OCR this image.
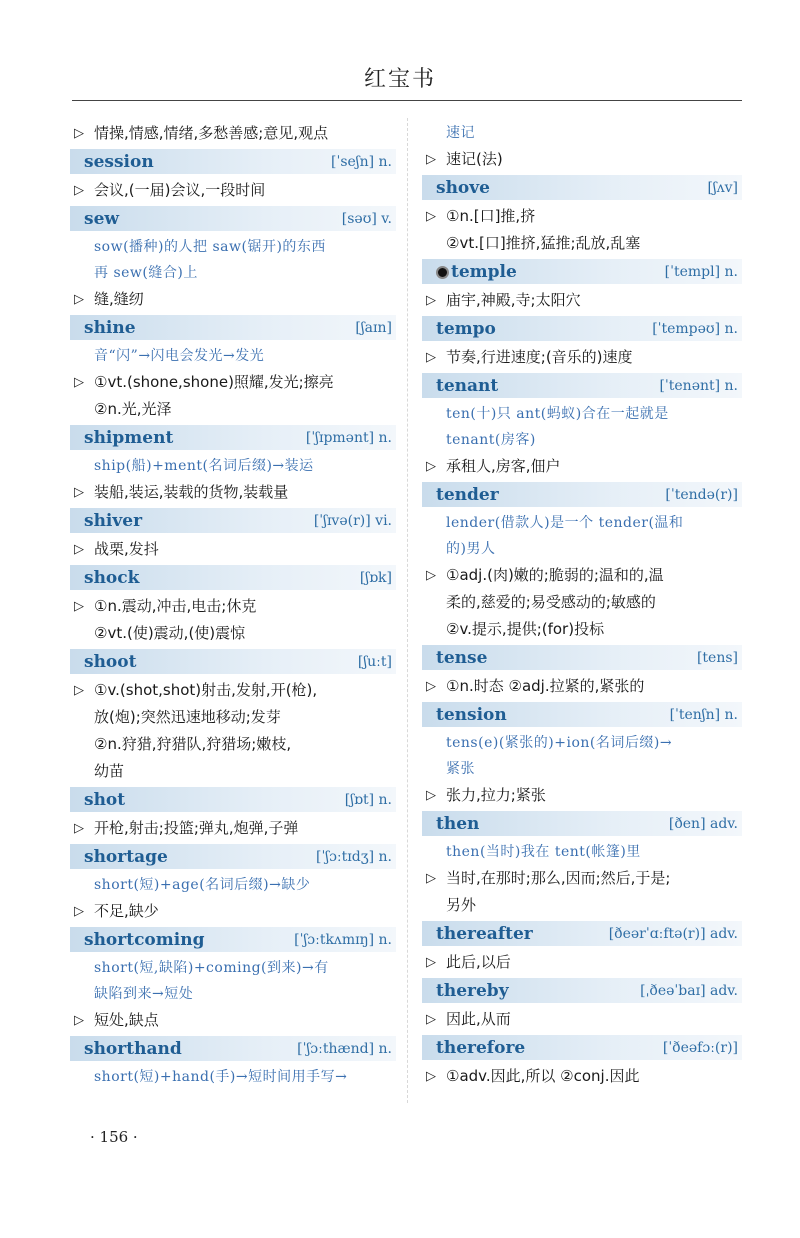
红宝书
▷ 情操,情感,情绪,多愁善感;意见,观点
session	[ˈseʃn] n.
▷ 会议,(一届)会议,一段时间
sew	[səʊ] v.
sow(播种)的人把 saw(锯开)的东西
再 sew(缝合)上
▷ 缝,缝纫
shine	[ʃaɪn]
音“闪”→闪电会发光→发光
▷ ①vt.(shone,shone)照耀,发光;擦亮
②n.光,光泽
shipment	[ˈʃɪpmənt] n.
ship(船)+ment(名词后缀)→装运
▷ 装船,装运,装载的货物,装载量
shiver	[ˈʃɪvə(r)] vi.
▷ 战栗,发抖
shock	[ʃɒk]
▷ ①n.震动,冲击,电击;休克
②vt.(使)震动,(使)震惊
shoot	[ʃuːt]
▷ ①v.(shot,shot)射击,发射,开(枪),
放(炮);突然迅速地移动;发芽
②n.狩猎,狩猎队,狩猎场;嫩枝,
幼苗
shot	[ʃɒt] n.
▷ 开枪,射击;投篮;弹丸,炮弹,子弹
shortage	[ˈʃɔːtɪdʒ] n.
short(短)+age(名词后缀)→缺少
▷ 不足,缺少
shortcoming	[ˈʃɔːtkʌmɪŋ] n.
short(短,缺陷)+coming(到来)→有
缺陷到来→短处
▷ 短处,缺点
shorthand	[ˈʃɔːthænd] n.
short(短)+hand(手)→短时间用手写→
速记
▷ 速记(法)
shove	[ʃʌv]
▷ ①n.[口]推,挤
②vt.[口]推挤,猛推;乱放,乱塞
temple	[ˈtempl] n.
▷ 庙宇,神殿,寺;太阳穴
tempo	[ˈtempəʊ] n.
▷ 节奏,行进速度;(音乐的)速度
tenant	[ˈtenənt] n.
ten(十)只 ant(蚂蚁)合在一起就是
tenant(房客)
▷ 承租人,房客,佃户
tender	[ˈtendə(r)]
lender(借款人)是一个 tender(温和
的)男人
▷ ①adj.(肉)嫩的;脆弱的;温和的,温
柔的,慈爱的;易受感动的;敏感的
②v.提示,提供;(for)投标
tense	[tens]
▷ ①n.时态 ②adj.拉紧的,紧张的
tension	[ˈtenʃn] n.
tens(e)(紧张的)+ion(名词后缀)→
紧张
▷ 张力,拉力;紧张
then	[ðen] adv.
then(当时)我在 tent(帐篷)里
▷ 当时,在那时;那么,因而;然后,于是;
另外
thereafter	[ðeərˈɑːftə(r)] adv.
▷ 此后,以后
thereby	[ˌðeəˈbaɪ] adv.
▷ 因此,从而
therefore	[ˈðeəfɔː(r)]
▷ ①adv.因此,所以 ②conj.因此
· 156 ·
